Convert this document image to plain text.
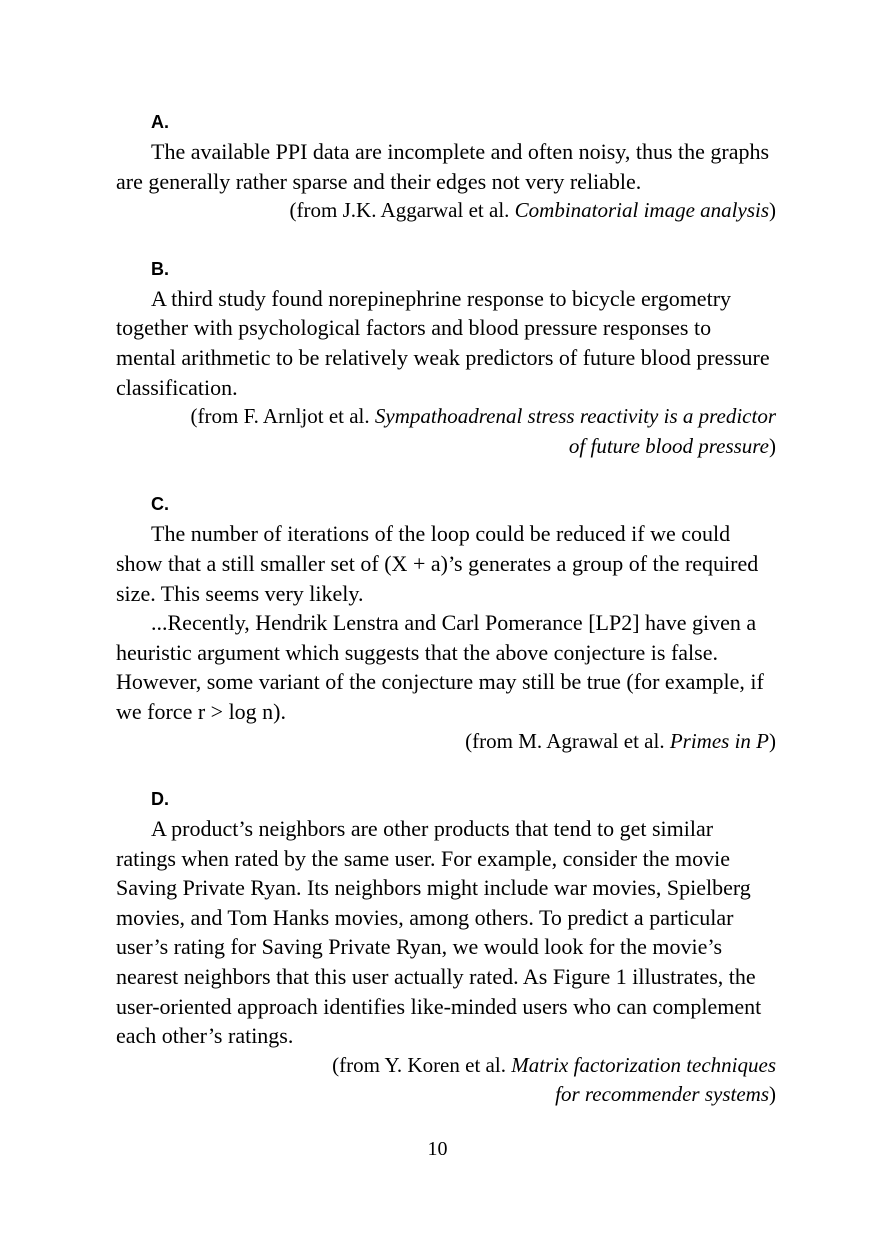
A.

The available PPI data are incomplete and often noisy, thus the graphs are generally rather sparse and their edges not very reliable.

(from J.K. Aggarwal et al. Combinatorial image analysis)

B.

A third study found norepinephrine response to bicycle ergometry together with psychological factors and blood pressure responses to mental arithmetic to be relatively weak predictors of future blood pressure classification.

(from F. Arnljot et al. Sympathoadrenal stress reactivity is a predictor
of future blood pressure)

C.

The number of iterations of the loop could be reduced if we could show that a still smaller set of (X + a)’s generates a group of the required size. This seems very likely.

...Recently, Hendrik Lenstra and Carl Pomerance [LP2] have given a heuristic argument which suggests that the above conjecture is false. However, some variant of the conjecture may still be true (for example, if we force r > log n).

(from M. Agrawal et al. Primes in P)

D.

A product’s neighbors are other products that tend to get similar ratings when rated by the same user. For example, consider the movie Saving Private Ryan. Its neighbors might include war movies, Spielberg movies, and Tom Hanks movies, among others. To predict a particular user’s rating for Saving Private Ryan, we would look for the movie’s nearest neighbors that this user actually rated. As Figure 1 illustrates, the user-oriented approach identifies like-minded users who can complement each other’s ratings.

(from Y. Koren et al. Matrix factorization techniques
for recommender systems)

10
